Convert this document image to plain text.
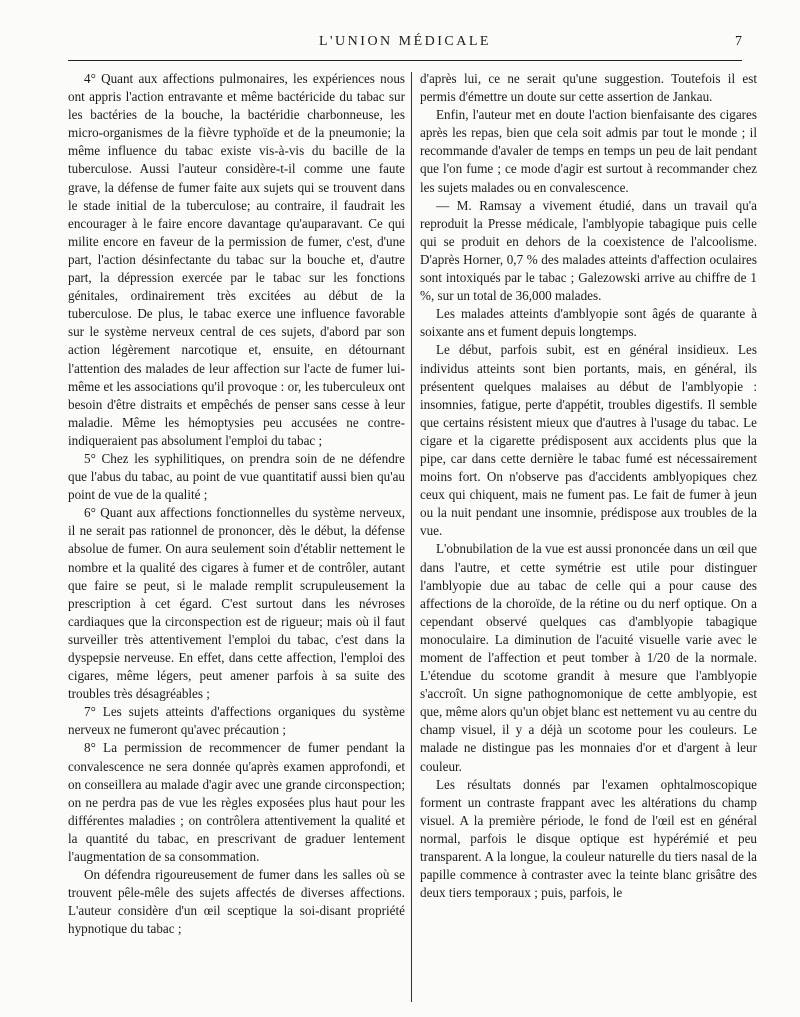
L'UNION MÉDICALE	7

4° Quant aux affections pulmonaires, les expériences nous ont appris l'action entravante et même bactéricide du tabac sur les bactéries de la bouche, la bactéridie charbonneuse, les micro-organismes de la fièvre typhoïde et de la pneumonie; la même influence du tabac existe vis-à-vis du bacille de la tuberculose. Aussi l'auteur considère-t-il comme une faute grave, la défense de fumer faite aux sujets qui se trouvent dans le stade initial de la tuberculose; au contraire, il faudrait les encourager à le faire encore davantage qu'auparavant. Ce qui milite encore en faveur de la permission de fumer, c'est, d'une part, l'action désinfectante du tabac sur la bouche et, d'autre part, la dépression exercée par le tabac sur les fonctions génitales, ordinairement très excitées au début de la tuberculose. De plus, le tabac exerce une influence favorable sur le système nerveux central de ces sujets, d'abord par son action légèrement narcotique et, ensuite, en détournant l'attention des malades de leur affection sur l'acte de fumer lui-même et les associations qu'il provoque : or, les tuberculeux ont besoin d'être distraits et empêchés de penser sans cesse à leur maladie. Même les hémoptysies peu accusées ne contre-indiqueraient pas absolument l'emploi du tabac ;

5° Chez les syphilitiques, on prendra soin de ne défendre que l'abus du tabac, au point de vue quantitatif aussi bien qu'au point de vue de la qualité ;

6° Quant aux affections fonctionnelles du système nerveux, il ne serait pas rationnel de prononcer, dès le début, la défense absolue de fumer. On aura seulement soin d'établir nettement le nombre et la qualité des cigares à fumer et de contrôler, autant que faire se peut, si le malade remplit scrupuleusement la prescription à cet égard. C'est surtout dans les névroses cardiaques que la circonspection est de rigueur; mais où il faut surveiller très attentivement l'emploi du tabac, c'est dans la dyspepsie nerveuse. En effet, dans cette affection, l'emploi des cigares, même légers, peut amener parfois à sa suite des troubles très désagréables ;

7° Les sujets atteints d'affections organiques du système nerveux ne fumeront qu'avec précaution ;

8° La permission de recommencer de fumer pendant la convalescence ne sera donnée qu'après examen approfondi, et on conseillera au malade d'agir avec une grande circonspection; on ne perdra pas de vue les règles exposées plus haut pour les différentes maladies ; on contrôlera attentivement la qualité et la quantité du tabac, en prescrivant de graduer lentement l'augmentation de sa consommation.

On défendra rigoureusement de fumer dans les salles où se trouvent pêle-mêle des sujets affectés de diverses affections. L'auteur considère d'un œil sceptique la soi-disant propriété hypnotique du tabac ;

d'après lui, ce ne serait qu'une suggestion. Toutefois il est permis d'émettre un doute sur cette assertion de Jankau.

Enfin, l'auteur met en doute l'action bienfaisante des cigares après les repas, bien que cela soit admis par tout le monde ; il recommande d'avaler de temps en temps un peu de lait pendant que l'on fume ; ce mode d'agir est surtout à recommander chez les sujets malades ou en convalescence.

— M. Ramsay a vivement étudié, dans un travail qu'a reproduit la Presse médicale, l'amblyopie tabagique puis celle qui se produit en dehors de la coexistence de l'alcoolisme. D'après Horner, 0,7 % des malades atteints d'affection oculaires sont intoxiqués par le tabac ; Galezowski arrive au chiffre de 1 %, sur un total de 36,000 malades.

Les malades atteints d'amblyopie sont âgés de quarante à soixante ans et fument depuis longtemps.

Le début, parfois subit, est en général insidieux. Les individus atteints sont bien portants, mais, en général, ils présentent quelques malaises au début de l'amblyopie : insomnies, fatigue, perte d'appétit, troubles digestifs. Il semble que certains résistent mieux que d'autres à l'usage du tabac. Le cigare et la cigarette prédisposent aux accidents plus que la pipe, car dans cette dernière le tabac fumé est nécessairement moins fort. On n'observe pas d'accidents amblyopiques chez ceux qui chiquent, mais ne fument pas. Le fait de fumer à jeun ou la nuit pendant une insomnie, prédispose aux troubles de la vue.

L'obnubilation de la vue est aussi prononcée dans un œil que dans l'autre, et cette symétrie est utile pour distinguer l'amblyopie due au tabac de celle qui a pour cause des affections de la choroïde, de la rétine ou du nerf optique. On a cependant observé quelques cas d'amblyopie tabagique monoculaire. La diminution de l'acuité visuelle varie avec le moment de l'affection et peut tomber à 1/20 de la normale. L'étendue du scotome grandit à mesure que l'amblyopie s'accroît. Un signe pathognomonique de cette amblyopie, est que, même alors qu'un objet blanc est nettement vu au centre du champ visuel, il y a déjà un scotome pour les couleurs. Le malade ne distingue pas les monnaies d'or et d'argent à leur couleur.

Les résultats donnés par l'examen ophtalmoscopique forment un contraste frappant avec les altérations du champ visuel. A la première période, le fond de l'œil est en général normal, parfois le disque optique est hypérémié et peu transparent. A la longue, la couleur naturelle du tiers nasal de la papille commence à contraster avec la teinte blanc grisâtre des deux tiers temporaux ; puis, parfois, le
